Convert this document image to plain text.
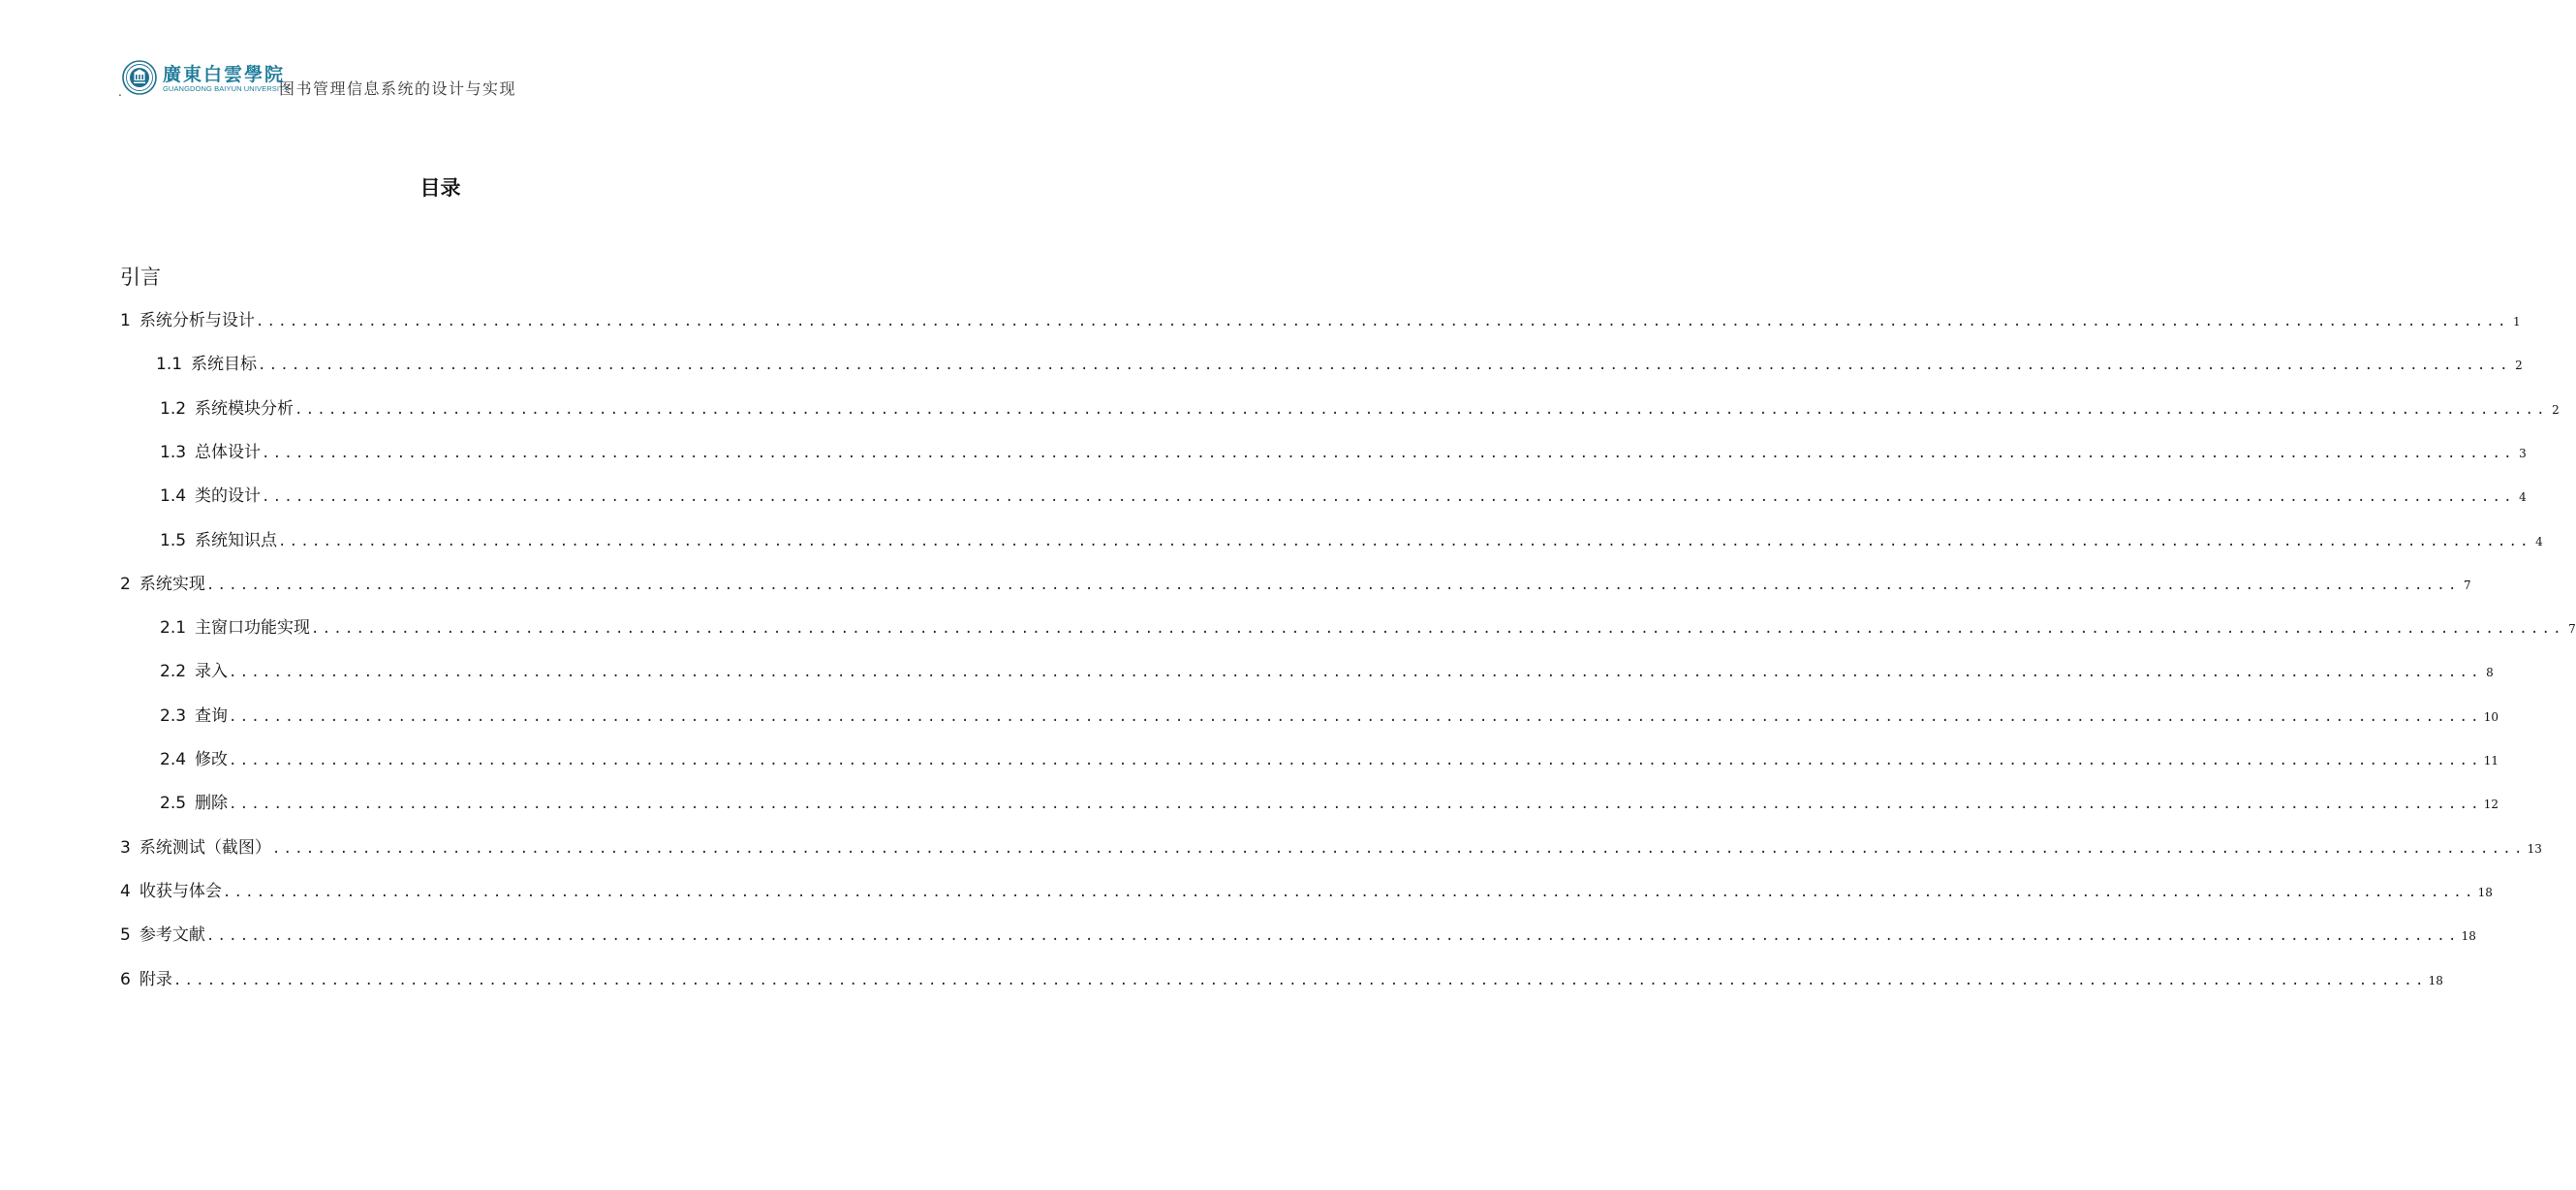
.
廣東白雲學院
GUANGDONG BAIYUN UNIVERSITY
图书管理信息系统的设计与实现
目录
引言
1 系统分析与设计 ........................................................................................................................................................................................................ 1
1.1 系统目标 ........................................................................................................................................................................................................ 2
1.2 系统模块分析 ........................................................................................................................................................................................................ 2
1.3 总体设计 ........................................................................................................................................................................................................ 3
1.4 类的设计 ........................................................................................................................................................................................................ 4
1.5 系统知识点 ........................................................................................................................................................................................................ 4
2 系统实现 ........................................................................................................................................................................................................ 7
2.1 主窗口功能实现 ........................................................................................................................................................................................................ 7
2.2 录入 ........................................................................................................................................................................................................ 8
2.3 查询 ........................................................................................................................................................................................................ 10
2.4 修改 ........................................................................................................................................................................................................ 11
2.5 删除 ........................................................................................................................................................................................................ 12
3 系统测试（截图） ........................................................................................................................................................................................................ 13
4 收获与体会 ........................................................................................................................................................................................................ 18
5 参考文献 ........................................................................................................................................................................................................ 18
6 附录 ........................................................................................................................................................................................................ 18
